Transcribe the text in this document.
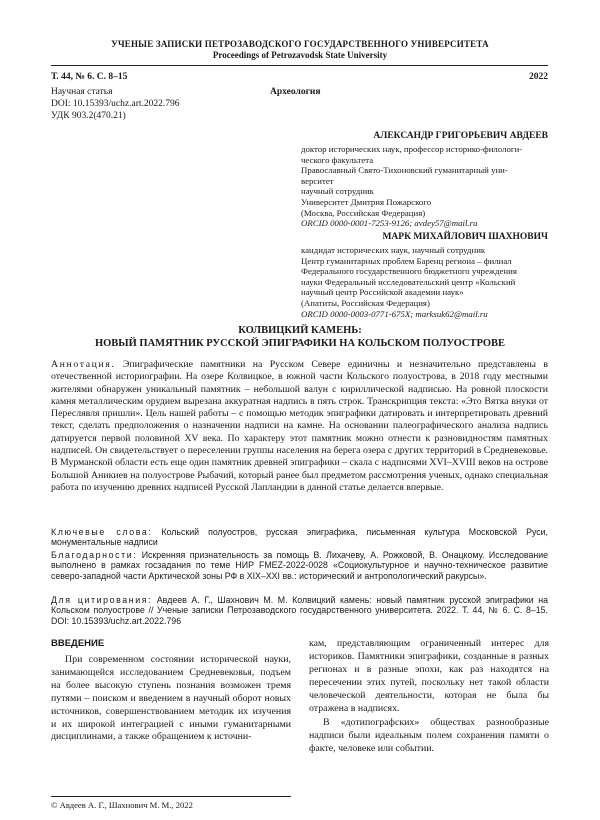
УЧЕНЫЕ ЗАПИСКИ ПЕТРОЗАВОДСКОГО ГОСУДАРСТВЕННОГО УНИВЕРСИТЕТА
Proceedings of Petrozavodsk State University
Т. 44, № 6. С. 8–15	2022
Научная статья	Археология
DOI: 10.15393/uchz.art.2022.796
УДК 903.2(470.21)
АЛЕКСАНДР ГРИГОРЬЕВИЧ АВДЕЕВ
доктор исторических наук, профессор историко-филологи-
ческого факультета
Православный Свято-Тихоновский гуманитарный уни-
верситет
научный сотрудник
Университет Дмитрия Пожарского
(Москва, Российская Федерация)
ORCID 0000-0001-7253-9126; avdey57@mail.ru
МАРК МИХАЙЛОВИЧ ШАХНОВИЧ
кандидат исторических наук, научный сотрудник
Центр гуманитарных проблем Баренц региона – филиал
Федерального государственного бюджетного учреждения
науки Федеральный исследовательский центр «Кольский
научный центр Российской академии наук»
(Апатиты, Российская Федерация)
ORCID 0000-0003-0771-675X; marksuk62@mail.ru
КОЛВИЦКИЙ КАМЕНЬ:
НОВЫЙ ПАМЯТНИК РУССКОЙ ЭПИГРАФИКИ НА КОЛЬСКОМ ПОЛУОСТРОВЕ
Аннотация. Эпиграфические памятники на Русском Севере единичны и незначительно представлены в отечественной историографии. На озере Колвицкое, в южной части Кольского полуострова, в 2018 году местными жителями обнаружен уникальный памятник – небольшой валун с кириллической надписью. На ровной плоскости камня металлическим орудием вырезана аккуратная надпись в пять строк. Транскрипция текста: «Это Вятка внуки от Переслявля пришли». Цель нашей работы – с помощью методик эпиграфики датировать и интерпретировать древний текст, сделать предположения о назначении надписи на камне. На основании палеографического анализа надпись датируется первой половиной XV века. По характеру этот памятник можно отнести к разновидностям памятных надписей. Он свидетельствует о переселении группы населения на берега озера с других территорий в Средневековье. В Мурманской области есть еще один памятник древней эпиграфики – скала с надписями XVI–XVIII веков на острове Большой Аникиев на полуострове Рыбачий, который ранее был предметом рассмотрения ученых, однако специальная работа по изучению древних надписей Русской Лапландии в данной статье делается впервые.
Ключевые слова: Кольский полуостров, русская эпиграфика, письменная культура Московской Руси, монументальные надписи
Благодарности: Искренняя признательность за помощь В. Лихачеву, А. Рожковой, В. Онацкому. Исследование выполнено в рамках госзадания по теме НИР FMEZ-2022-0028 «Социокультурное и научно-техническое развитие северо-западной части Арктической зоны РФ в XIX–XXI вв.: исторический и антропологический ракурсы».
Для цитирования: Авдеев А. Г., Шахнович М. М. Колвицкий камень: новый памятник русской эпиграфики на Кольском полуострове // Ученые записки Петрозаводского государственного университета. 2022. Т. 44, № 6. С. 8–15. DOI: 10.15393/uchz.art.2022.796
ВВЕДЕНИЕ

При современном состоянии исторической науки, занимающейся исследованием Средневековья, подъем на более высокую ступень познания возможен тремя путями – поиском и введением в научный оборот новых источников, совершенствованием методик их изучения и их широкой интеграцией с иными гуманитарными дисциплинами, а также обращением к источни-

кам, представляющим ограниченный интерес для историков. Памятники эпиграфики, созданные в разных регионах и в разные эпохи, как раз находятся на пересечении этих путей, поскольку нет такой области человеческой деятельности, которая не была бы отражена в надписях.

В «дотипографских» обществах разнообразные надписи были идеальным полем сохранения памяти о факте, человеке или событии.

© Авдеев А. Г., Шахнович М. М., 2022
